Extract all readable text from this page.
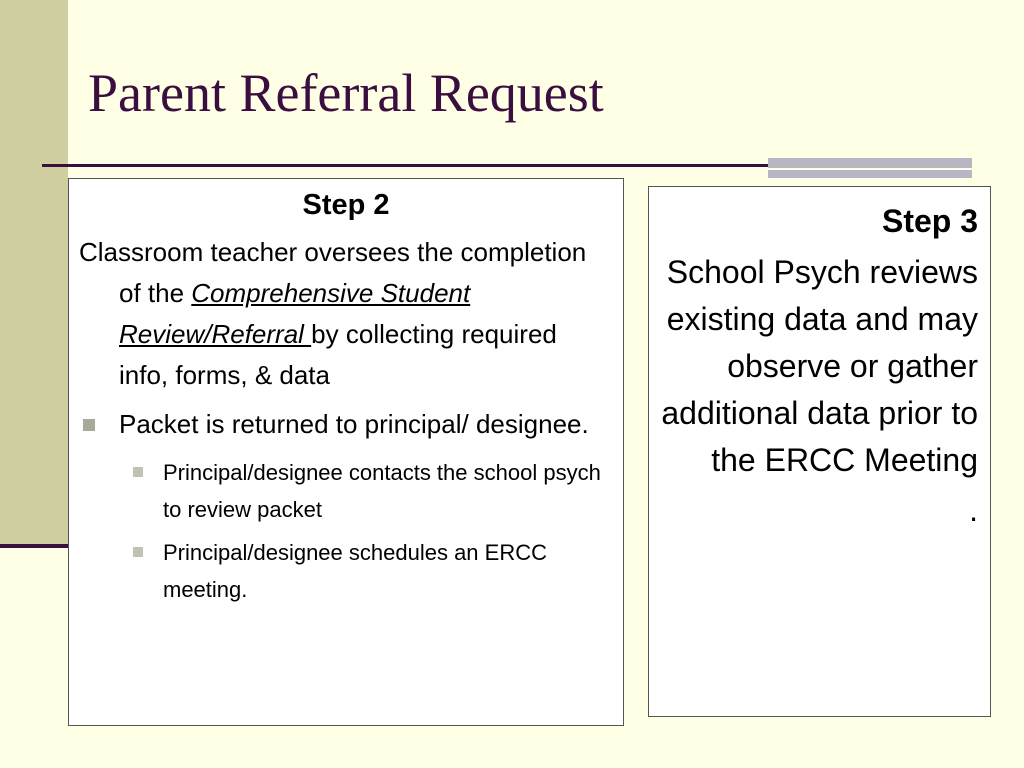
Parent Referral Request
Step 2

Classroom teacher oversees the completion of the Comprehensive Student Review/Referral by collecting required info, forms, & data

Packet is returned to principal/ designee.
Principal/designee contacts the school psych to review packet
Principal/designee schedules an ERCC meeting.
Step 3

School Psych reviews existing data and may observe or gather additional data prior to the ERCC Meeting

.
